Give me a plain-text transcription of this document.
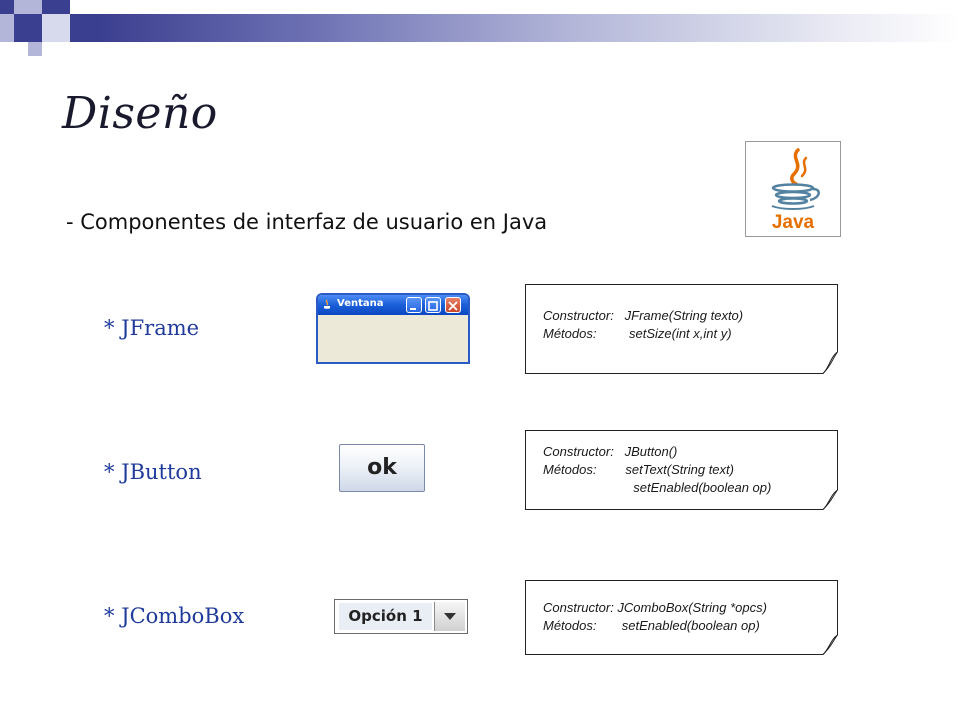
Diseño
- Componentes de interfaz de usuario en Java	Java
* JFrame
Ventana
Constructor:   JFrame(String texto)
Métodos:         setSize(int x,int y)
* JButton	ok
Constructor:   JButton()
Métodos:        setText(String text)
setEnabled(boolean op)
* JComboBox	Opción 1	Constructor: JComboBox(String *opcs)
Métodos:       setEnabled(boolean op)
